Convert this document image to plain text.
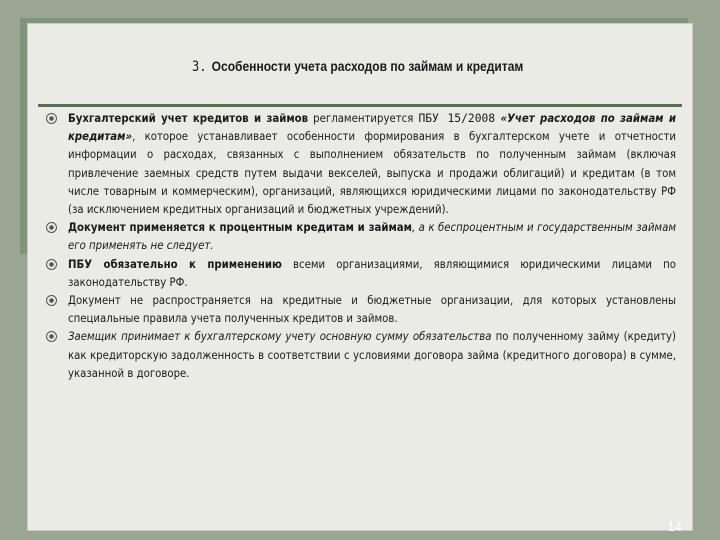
3. Особенности учета расходов по займам и кредитам

Бухгалтерский учет кредитов и займов регламентируется ПБУ 15/2008 «Учет расходов по займам и кредитам», которое устанавливает особенности формирования в бухгалтерском учете и отчетности информации о расходах, связанных с выполнением обязательств по полученным займам (включая привлечение заемных средств путем выдачи векселей, выпуска и продажи облигаций) и кредитам (в том числе товарным и коммерческим), организаций, являющихся юридическими лицами по законодательству РФ (за исключением кредитных организаций и бюджетных учреждений).

Документ применяется к процентным кредитам и займам, а к беспроцентным и государственным займам его применять не следует.

ПБУ обязательно к применению всеми организациями, являющимися юридическими лицами по законодательству РФ.

Документ не распространяется на кредитные и бюджетные организации, для которых установлены специальные правила учета полученных кредитов и займов.

Заемщик принимает к бухгалтерскому учету основную сумму обязательства по полученному займу (кредиту) как кредиторскую задолженность в соответствии с условиями договора займа (кредитного договора) в сумме, указанной в договоре.

14
